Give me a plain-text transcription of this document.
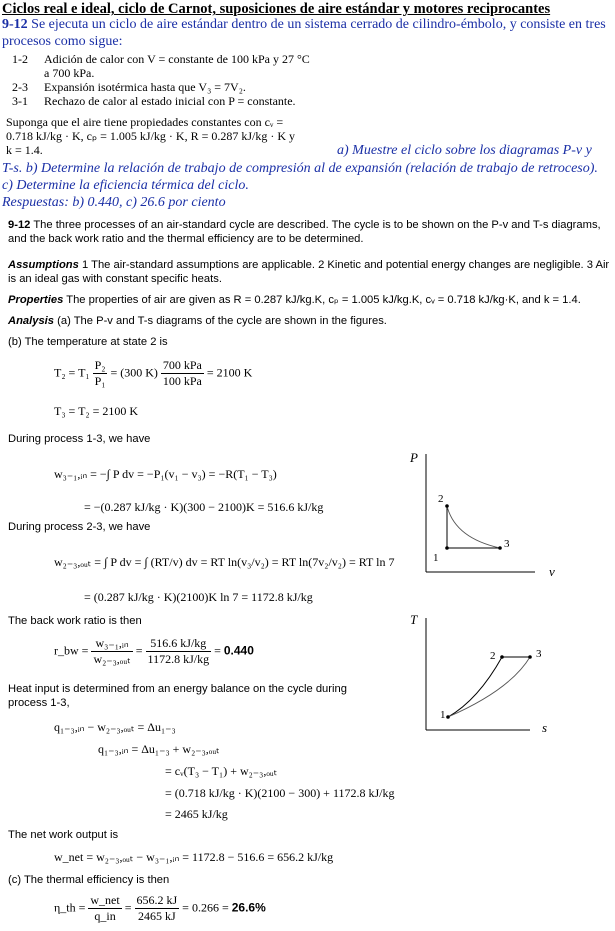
Ciclos real e ideal, ciclo de Carnot, suposiciones de aire estándar y motores reciprocantes
9-12 Se ejecuta un ciclo de aire estándar dentro de un sistema cerrado de cilindro-émbolo, y consiste en tres procesos como sigue:
1-2 Adición de calor con V = constante de 100 kPa y 27 °C
a 700 kPa.
2-3 Expansión isotérmica hasta que V₃ = 7V₂.
3-1 Rechazo de calor al estado inicial con P = constante.
Suponga que el aire tiene propiedades constantes con cᵥ =
0.718 kJ/kg · K, cₚ = 1.005 kJ/kg · K, R = 0.287 kJ/kg · K y
k = 1.4.	a) Muestre el ciclo sobre los diagramas P-v y
T-s. b) Determine la relación de trabajo de compresión al de expansión (relación de trabajo de retroceso). c) Determine la eficiencia térmica del ciclo.
Respuestas: b) 0.440, c) 26.6 por ciento
9-12 The three processes of an air-standard cycle are described. The cycle is to be shown on the P-v and T-s diagrams, and the back work ratio and the thermal efficiency are to be determined.
Assumptions 1 The air-standard assumptions are applicable. 2 Kinetic and potential energy changes are negligible. 3 Air is an ideal gas with constant specific heats.
Properties The properties of air are given as R = 0.287 kJ/kg.K, cₚ = 1.005 kJ/kg.K, cᵥ = 0.718 kJ/kg·K, and k = 1.4.
Analysis (a) The P-v and T-s diagrams of the cycle are shown in the figures.
(b) The temperature at state 2 is
$T_2 = T_1 \frac{\text{P₂}}{\text{P₁}} = (300$ $K) \frac{\text{700 kPa}}{\text{100 kPa}} = 2100$ K
T₃ = T₂ = 2100 K
During process 1-3, we have
w₃₋₁,ᵢₙ = −∫ P dv = −P₁(v₁ − v₃) = −R(T₁ − T₃)
= −(0.287 kJ/kg · K)(300 − 2100)K = 516.6 kJ/kg
During process 2-3, we have
w₂₋₃,ₒᵤₜ = ∫ P dv = ∫ (RT/v) dv = RT ln(v₃/v₂) = RT ln(7v₂/v₂) = RT ln 7
= (0.287 kJ/kg · K)(2100)K ln 7 = 1172.8 kJ/kg
The back work ratio is then
r_bw = $\frac{\text{w₃₋₁,ᵢₙ}}{\text{w₂₋₃,ₒᵤₜ}} = \frac{516.6 kJ/kg}{1172.8 kJ/kg} = 0.440$
Heat input is determined from an energy balance on the cycle during process 1-3,
q₁₋₃,ᵢₙ − w₂₋₃,ₒᵤₜ = Δu₁₋₃
q₁₋₃,ᵢₙ = Δu₁₋₃ + w₂₋₃,ₒᵤₜ
= cᵥ(T₃ − T₁) + w₂₋₃,ₒᵤₜ
= (0.718 kJ/kg · K)(2100 − 300) + 1172.8 kJ/kg
= 2465 kJ/kg
The net work output is
w_net = w₂₋₃,ₒᵤₜ − w₃₋₁,ᵢₙ = 1172.8 − 516.6 = 656.2 kJ/kg
(c) The thermal efficiency is then
η_th = $\frac{\text{w\_net}}{q\_in} = \frac{656.2 kJ}{2465 kJ} = 0.266 = 26.6\%$
P
v
2
1
3
T
s
1
2	3
